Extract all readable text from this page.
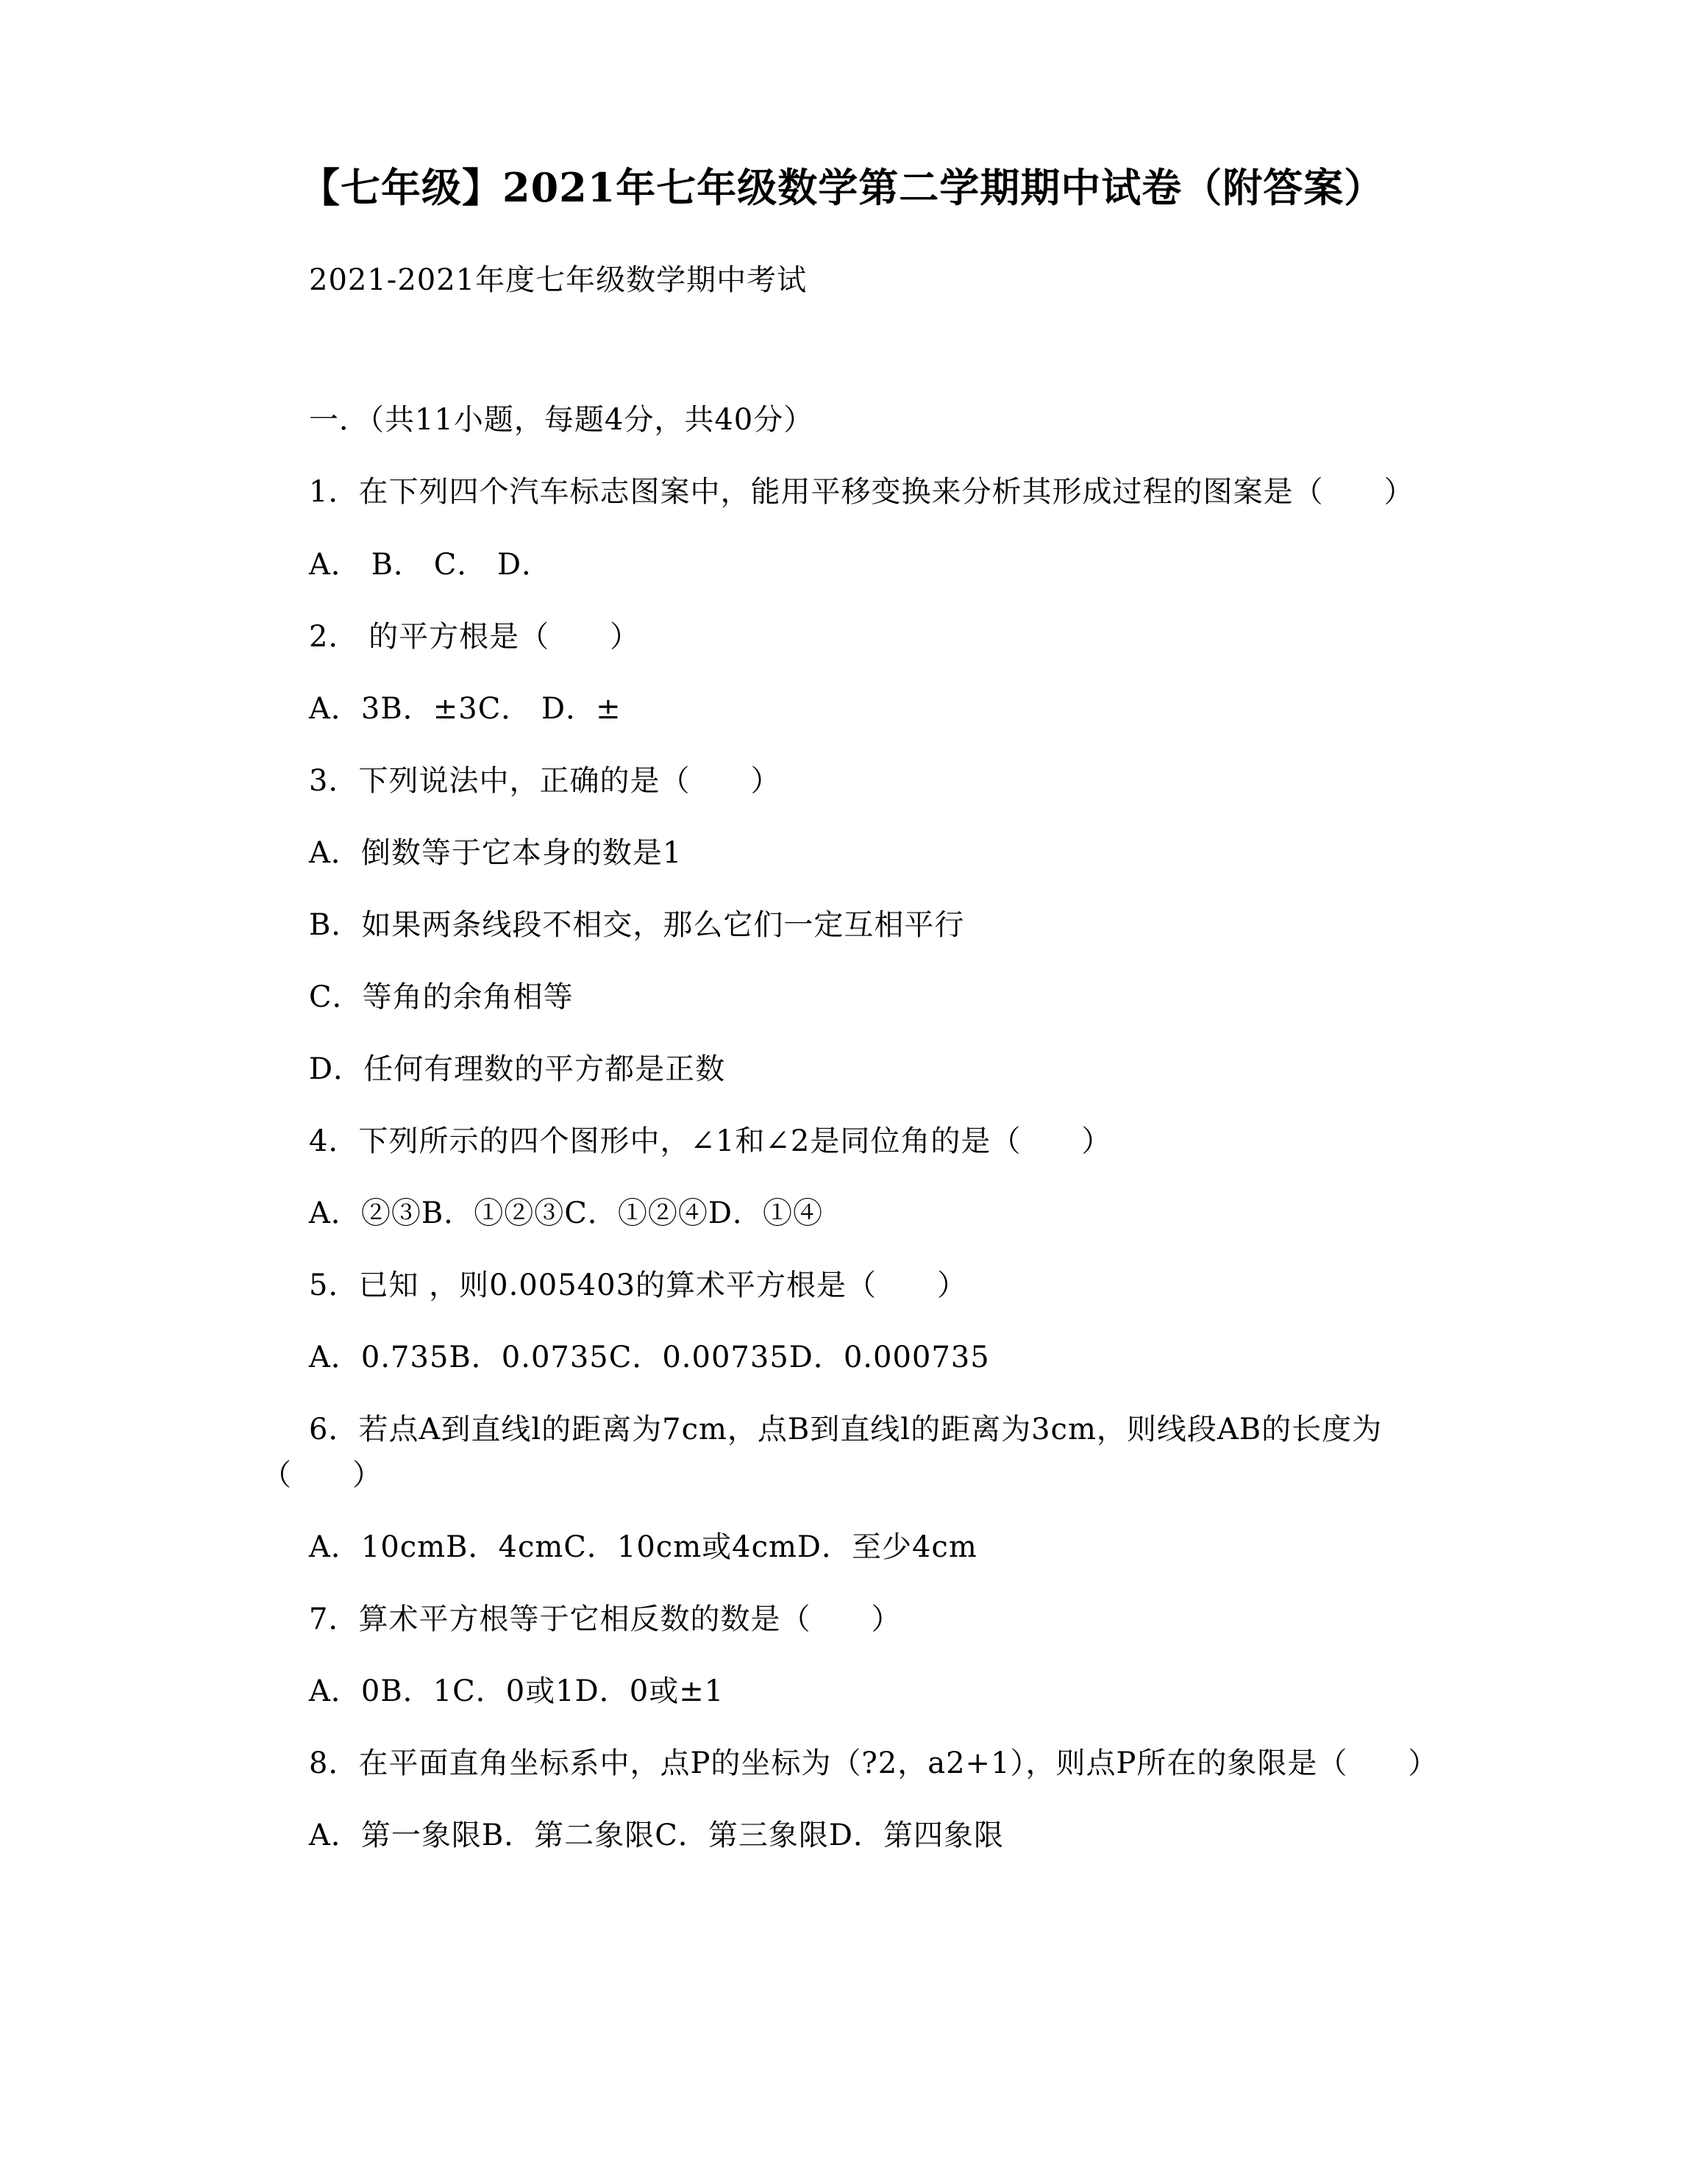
【七年级】2021年七年级数学第二学期期中试卷（附答案）
2021-2021年度七年级数学期中考试
一．（共11小题，每题4分，共40分）
1．在下列四个汽车标志图案中，能用平移变换来分析其形成过程的图案是（　　）
A． B． C． D．
2． 的平方根是（　　）
A．3B．±3C． D．±
3．下列说法中，正确的是（　　）
A．倒数等于它本身的数是1
B．如果两条线段不相交，那么它们一定互相平行
C．等角的余角相等
D．任何有理数的平方都是正数
4．下列所示的四个图形中，∠1和∠2是同位角的是（　　）
A．②③B．①②③C．①②④D．①④
5．已知 ，则0.005403的算术平方根是（　　）
A．0.735B．0.0735C．0.00735D．0.000735
6．若点A到直线l的距离为7cm，点B到直线l的距离为3cm，则线段AB的长度为
（　　）
A．10cmB．4cmC．10cm或4cmD．至少4cm
7．算术平方根等于它相反数的数是（　　）
A．0B．1C．0或1D．0或±1
8．在平面直角坐标系中，点P的坐标为（?2，a2+1），则点P所在的象限是（　　）
A．第一象限B．第二象限C．第三象限D．第四象限
